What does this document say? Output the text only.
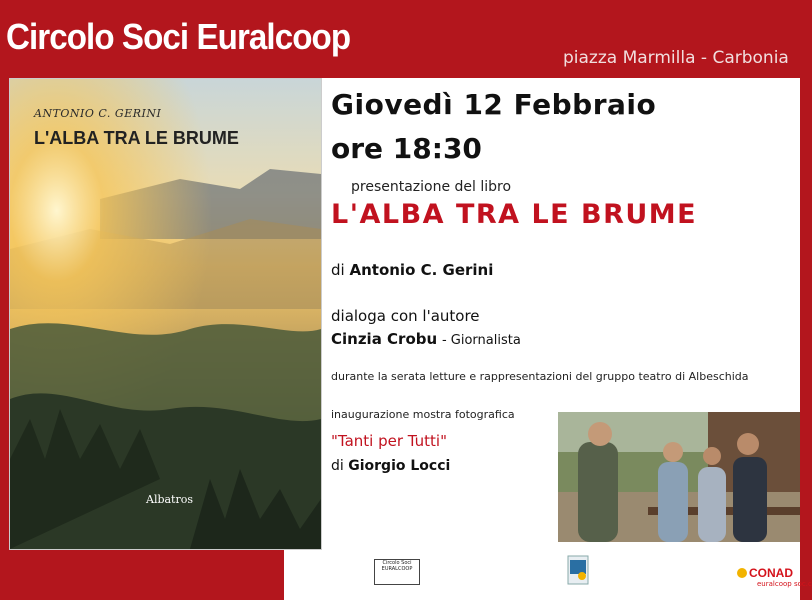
Circolo Soci Euralcoop
piazza Marmilla - Carbonia
ANTONIO C. GERINI
L'ALBA TRA LE BRUME
Albatros
Giovedì 12 Febbraio
ore 18:30
presentazione del libro
L'ALBA TRA LE BRUME
di Antonio C. Gerini
dialoga con l'autore
Cinzia Crobu - Giornalista
durante la serata letture e rappresentazioni del gruppo teatro di Albeschida
inaugurazione mostra fotografica
"Tanti per Tutti"
di Giorgio Locci
Circolo Soci
EURALCOOP	CONAD
euralcoop soc.c
